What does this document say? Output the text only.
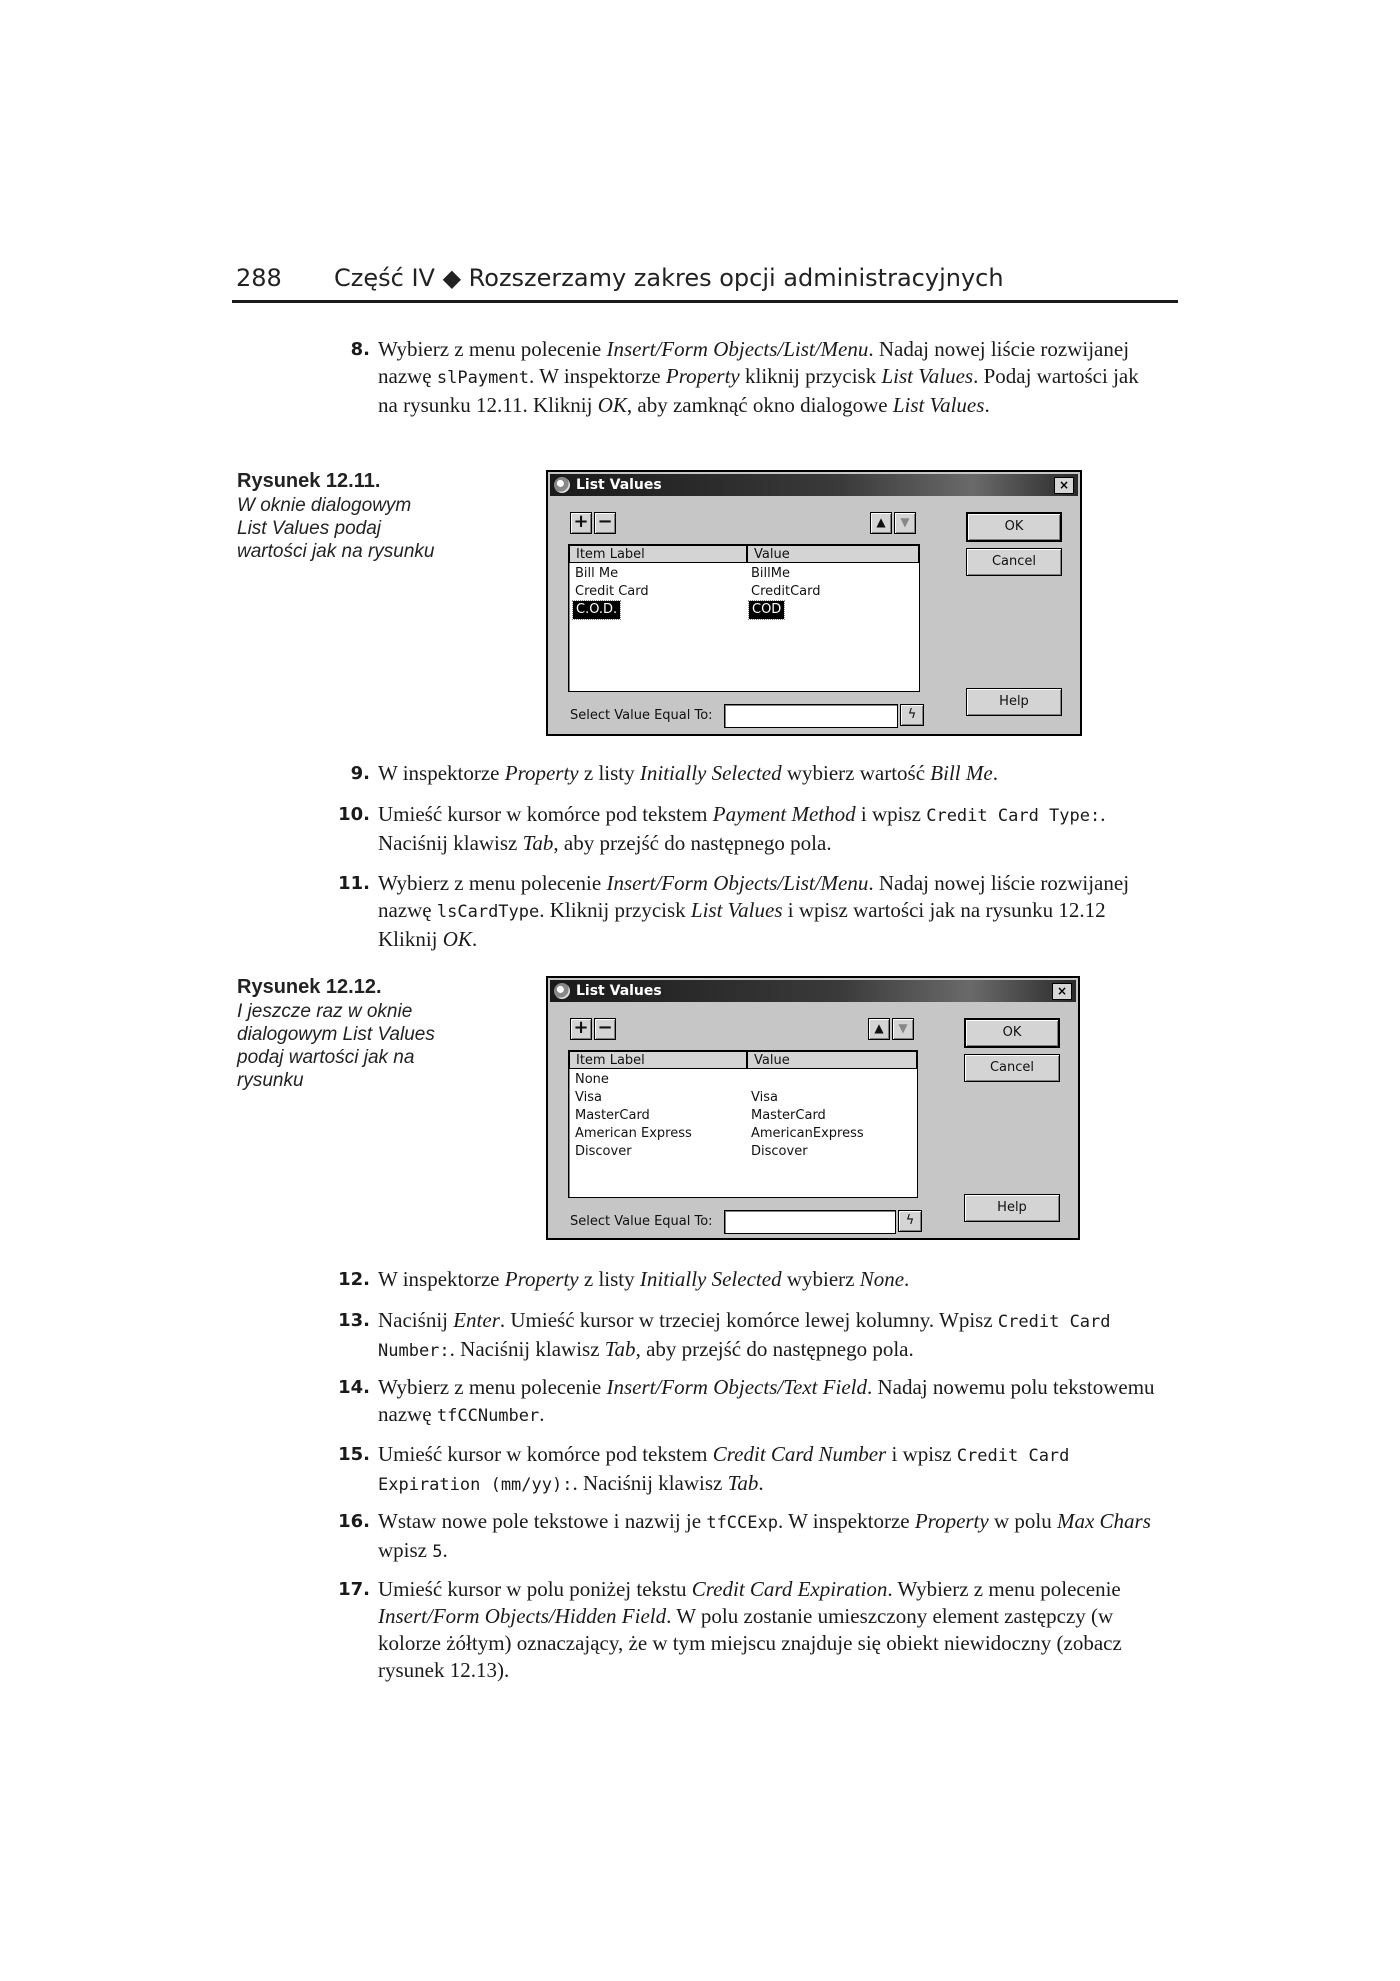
288 Część IV ◆ Rozszerzamy zakres opcji administracyjnych
8. Wybierz z menu polecenie Insert/Form Objects/List/Menu. Nadaj nowej liście rozwijanej nazwę slPayment. W inspektorze Property kliknij przycisk List Values. Podaj wartości jak na rysunku 12.11. Kliknij OK, aby zamknąć okno dialogowe List Values.
9. W inspektorze Property z listy Initially Selected wybierz wartość Bill Me.
10. Umieść kursor w komórce pod tekstem Payment Method i wpisz Credit Card Type:. Naciśnij klawisz Tab, aby przejść do następnego pola.
11. Wybierz z menu polecenie Insert/Form Objects/List/Menu. Nadaj nowej liście rozwijanej nazwę lsCardType. Kliknij przycisk List Values i wpisz wartości jak na rysunku 12.12 Kliknij OK.
12. W inspektorze Property z listy Initially Selected wybierz None.
13. Naciśnij Enter. Umieść kursor w trzeciej komórce lewej kolumny. Wpisz Credit Card Number:. Naciśnij klawisz Tab, aby przejść do następnego pola.
14. Wybierz z menu polecenie Insert/Form Objects/Text Field. Nadaj nowemu polu tekstowemu nazwę tfCCNumber.
15. Umieść kursor w komórce pod tekstem Credit Card Number i wpisz Credit Card Expiration (mm/yy):. Naciśnij klawisz Tab.
16. Wstaw nowe pole tekstowe i nazwij je tfCCExp. W inspektorze Property w polu Max Chars wpisz 5.
17. Umieść kursor w polu poniżej tekstu Credit Card Expiration. Wybierz z menu polecenie Insert/Form Objects/Hidden Field. W polu zostanie umieszczony element zastępczy (w kolorze żółtym) oznaczający, że w tym miejscu znajduje się obiekt niewidoczny (zobacz rysunek 12.13).
Rysunek 12.11.
W oknie dialogowym List Values podaj wartości jak na rysunku
Rysunek 12.12.
I jeszcze raz w oknie dialogowym List Values podaj wartości jak na rysunku
List Values	×
+ −	▲	▼
Item Label	Value
Bill Me	BillMe
Credit Card	CreditCard
C.O.D.	COD
OK
Cancel
Help
Select Value Equal To:	ϟ
List Values	×
+ −	▲	▼
Item Label	Value
None
Visa	Visa
MasterCard	MasterCard
American Express	AmericanExpress
Discover	Discover
OK
Cancel
Help
Select Value Equal To:	ϟ
